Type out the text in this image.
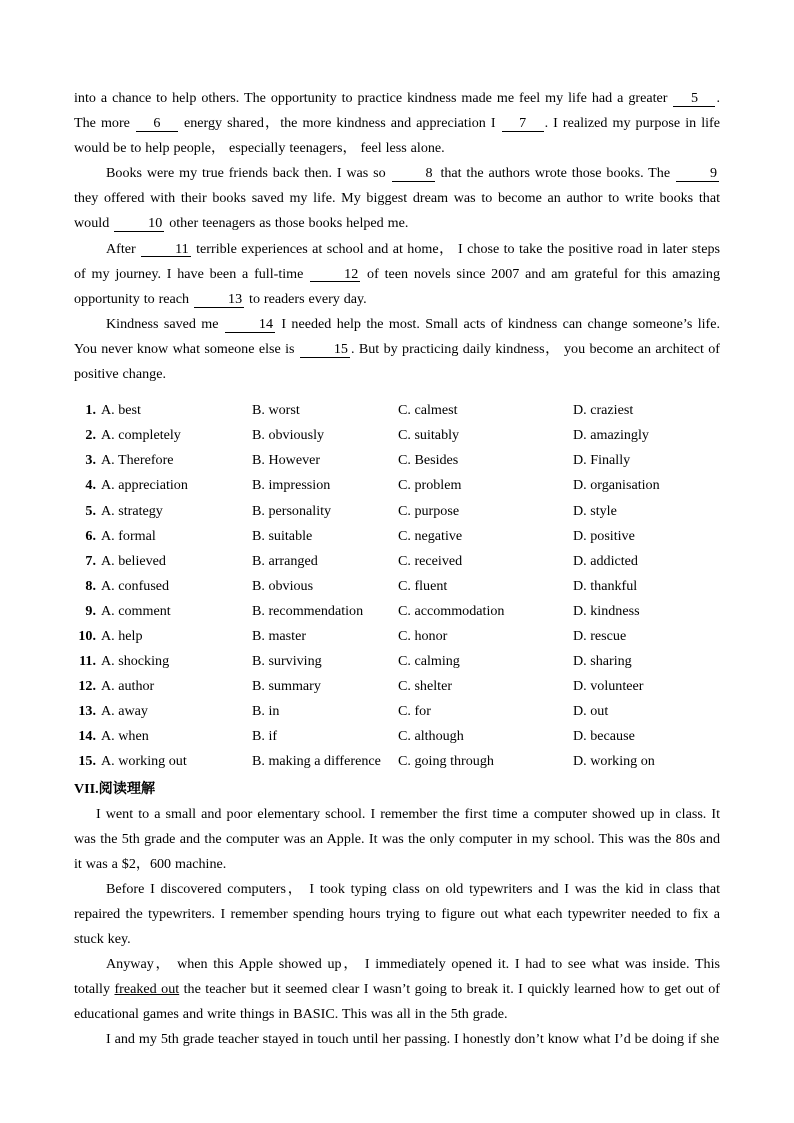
into a chance to help others. The opportunity to practice kindness made me feel my life had a greater 5 . The more 6 energy shared，the more kindness and appreciation I 7 . I realized my purpose in life would be to help people， especially teenagers， feel less alone.

Books were my true friends back then. I was so 8 that the authors wrote those books. The 9 they offered with their books saved my life. My biggest dream was to become an author to write books that would 10 other teenagers as those books helped me.

After 11 terrible experiences at school and at home， I chose to take the positive road in later steps of my journey. I have been a full-time 12 of teen novels since 2007 and am grateful for this amazing opportunity to reach 13 to readers every day.

Kindness saved me 14 I needed help the most. Small acts of kindness can change someone’s life. You never know what someone else is 15 . But by practicing daily kindness， you become an architect of positive change.

1. A. best	B. worst	C. calmest	D. craziest
2. A. completely	B. obviously	C. suitably	D. amazingly
3. A. Therefore	B. However	C. Besides	D. Finally
4. A. appreciation	B. impression	C. problem	D. organisation
5. A. strategy	B. personality	C. purpose	D. style
6. A. formal	B. suitable	C. negative	D. positive
7. A. believed	B. arranged	C. received	D. addicted
8. A. confused	B. obvious	C. fluent	D. thankful
9. A. comment	B. recommendation	C. accommodation	D. kindness
10. A. help	B. master	C. honor	D. rescue
11. A. shocking	B. surviving	C. calming	D. sharing
12. A. author	B. summary	C. shelter	D. volunteer
13. A. away	B. in	C. for	D. out
14. A. when	B. if	C. although	D. because
15. A. working out	B. making a difference	C. going through	D. working on
VII.阅读理解

I went to a small and poor elementary school. I remember the first time a computer showed up in class. It was the 5th grade and the computer was an Apple. It was the only computer in my school. This was the 80s and it was a $2，600 machine.

Before I discovered computers， I took typing class on old typewriters and I was the kid in class that repaired the typewriters. I remember spending hours trying to figure out what each typewriter needed to fix a stuck key.

Anyway， when this Apple showed up， I immediately opened it. I had to see what was inside. This totally freaked out the teacher but it seemed clear I wasn’t going to break it. I quickly learned how to get out of educational games and write things in BASIC. This was all in the 5th grade.

I and my 5th grade teacher stayed in touch until her passing. I honestly don’t know what I’d be doing if she
